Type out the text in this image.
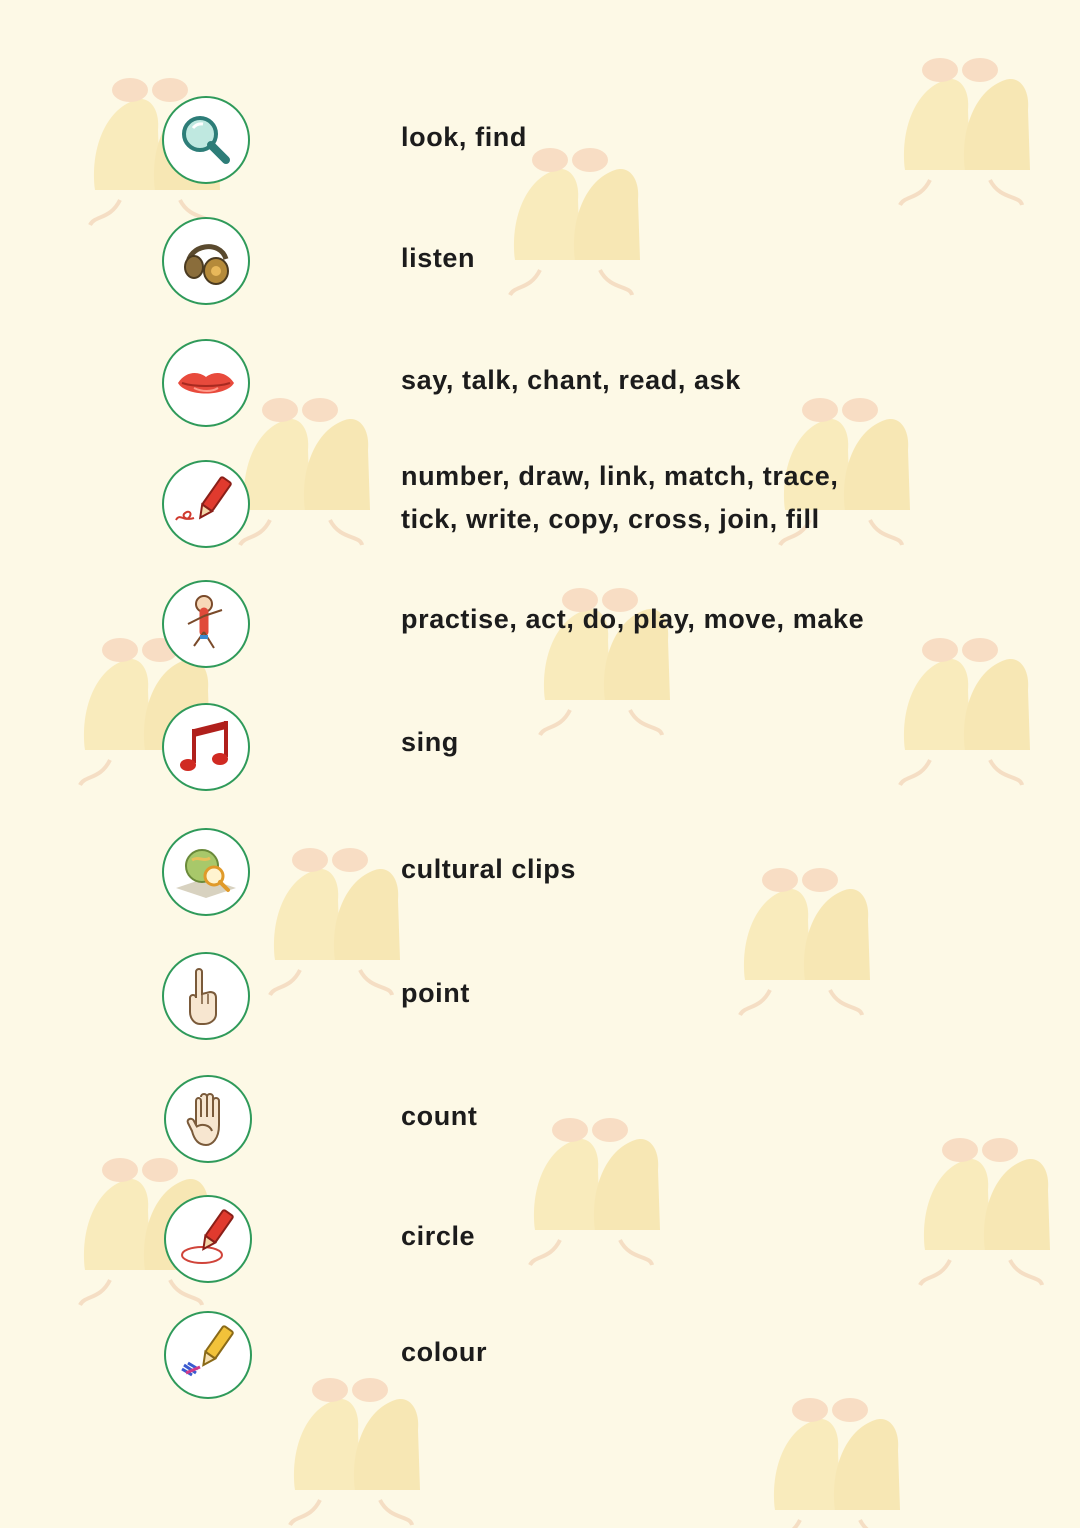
look, find
listen
say, talk, chant, read, ask
number, draw, link, match, trace,
tick, write, copy, cross, join, fill
practise, act, do, play, move, make
sing
cultural clips
point
count
circle
colour
